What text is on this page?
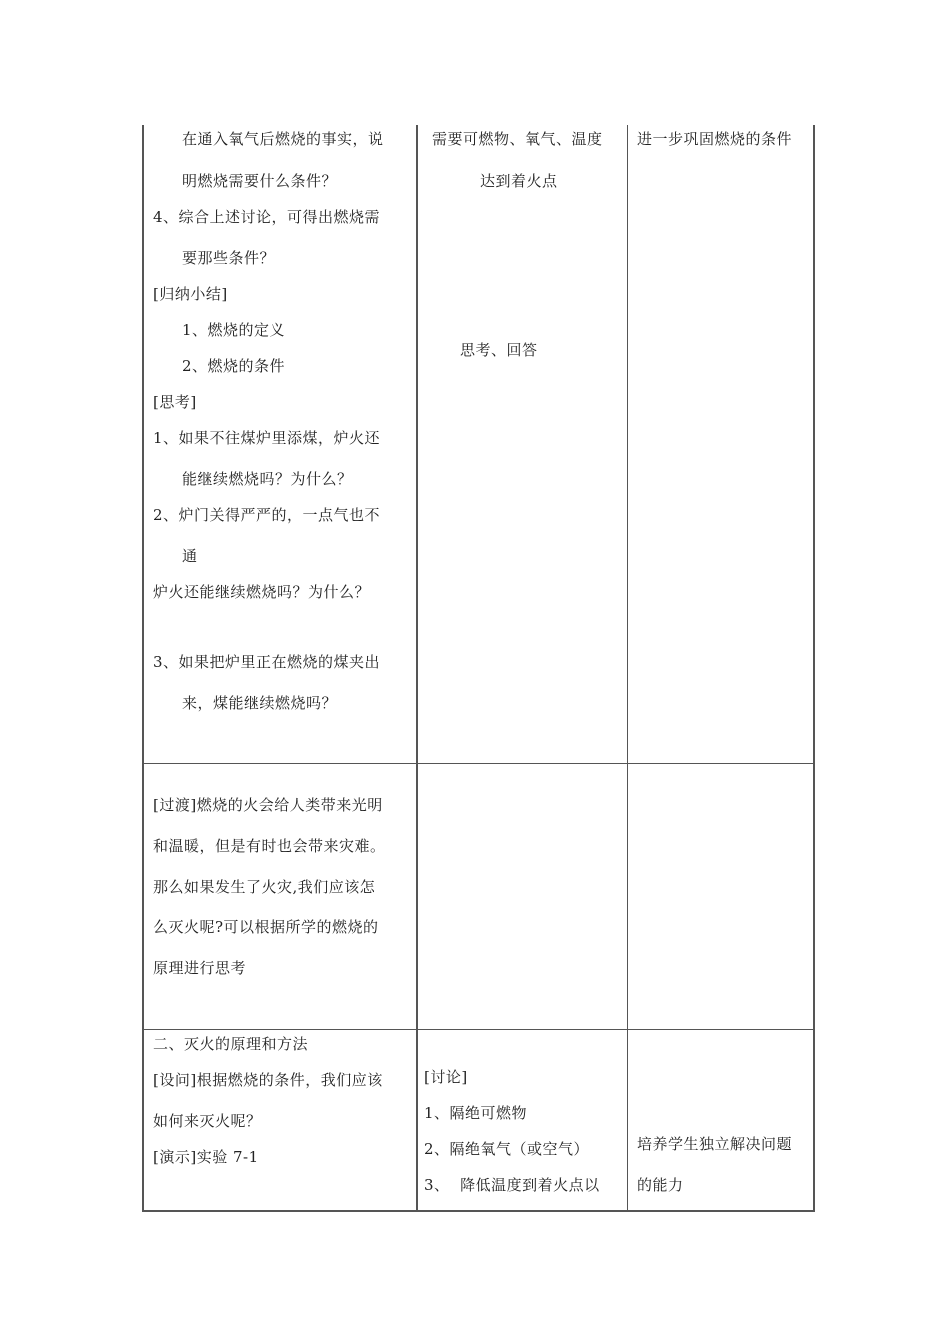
在通入氧气后燃烧的事实，说
明燃烧需要什么条件？
4、综合上述讨论，可得出燃烧需
要那些条件？
[归纳小结]
1、燃烧的定义
2、燃烧的条件
[思考]
1、如果不往煤炉里添煤，炉火还
能继续燃烧吗？为什么？
2、炉门关得严严的，一点气也不
通
炉火还能继续燃烧吗？为什么？
3、如果把炉里正在燃烧的煤夹出
来，煤能继续燃烧吗？
需要可燃物、氧气、温度
达到着火点
思考、回答
进一步巩固燃烧的条件
[过渡]燃烧的火会给人类带来光明
和温暖，但是有时也会带来灾难。
那么如果发生了火灾,我们应该怎
么灭火呢?可以根据所学的燃烧的
原理进行思考
二、灭火的原理和方法
[设问]根据燃烧的条件，我们应该
如何来灭火呢？
[演示]实验 7-1
[讨论]
1、隔绝可燃物
2、隔绝氧气（或空气）
3、  降低温度到着火点以
培养学生独立解决问题
的能力
